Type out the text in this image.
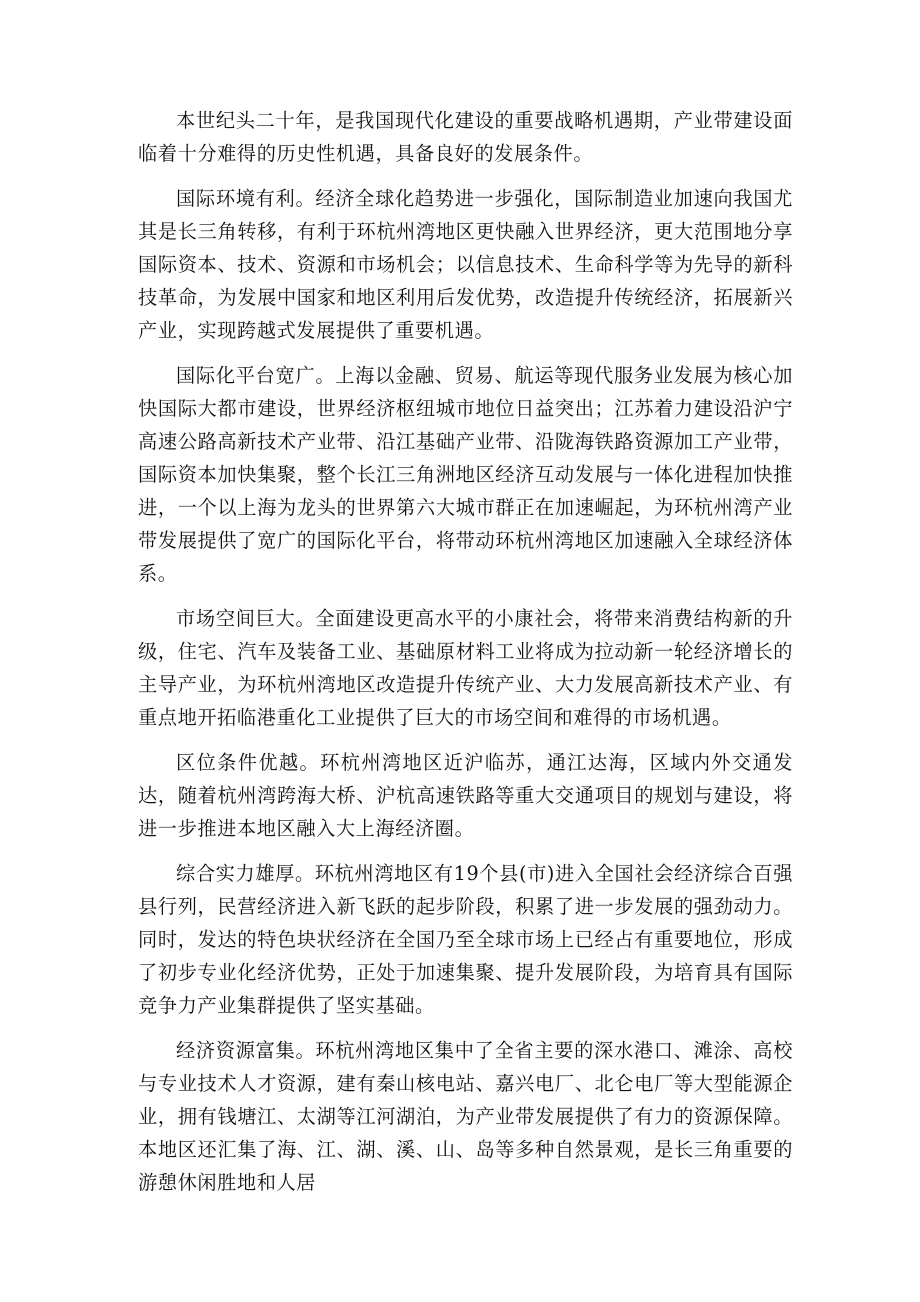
本世纪头二十年，是我国现代化建设的重要战略机遇期，产业带建设面临着十分难得的历史性机遇，具备良好的发展条件。

国际环境有利。经济全球化趋势进一步强化，国际制造业加速向我国尤其是长三角转移，有利于环杭州湾地区更快融入世界经济，更大范围地分享国际资本、技术、资源和市场机会；以信息技术、生命科学等为先导的新科技革命，为发展中国家和地区利用后发优势，改造提升传统经济，拓展新兴产业，实现跨越式发展提供了重要机遇。

国际化平台宽广。上海以金融、贸易、航运等现代服务业发展为核心加快国际大都市建设，世界经济枢纽城市地位日益突出；江苏着力建设沿沪宁高速公路高新技术产业带、沿江基础产业带、沿陇海铁路资源加工产业带，国际资本加快集聚，整个长江三角洲地区经济互动发展与一体化进程加快推进，一个以上海为龙头的世界第六大城市群正在加速崛起，为环杭州湾产业带发展提供了宽广的国际化平台，将带动环杭州湾地区加速融入全球经济体系。

市场空间巨大。全面建设更高水平的小康社会，将带来消费结构新的升级，住宅、汽车及装备工业、基础原材料工业将成为拉动新一轮经济增长的主导产业，为环杭州湾地区改造提升传统产业、大力发展高新技术产业、有重点地开拓临港重化工业提供了巨大的市场空间和难得的市场机遇。

区位条件优越。环杭州湾地区近沪临苏，通江达海，区域内外交通发达，随着杭州湾跨海大桥、沪杭高速铁路等重大交通项目的规划与建设，将进一步推进本地区融入大上海经济圈。

综合实力雄厚。环杭州湾地区有19个县(市)进入全国社会经济综合百强县行列，民营经济进入新飞跃的起步阶段，积累了进一步发展的强劲动力。同时，发达的特色块状经济在全国乃至全球市场上已经占有重要地位，形成了初步专业化经济优势，正处于加速集聚、提升发展阶段，为培育具有国际竞争力产业集群提供了坚实基础。

经济资源富集。环杭州湾地区集中了全省主要的深水港口、滩涂、高校与专业技术人才资源，建有秦山核电站、嘉兴电厂、北仑电厂等大型能源企业，拥有钱塘江、太湖等江河湖泊，为产业带发展提供了有力的资源保障。本地区还汇集了海、江、湖、溪、山、岛等多种自然景观，是长三角重要的游憩休闲胜地和人居
